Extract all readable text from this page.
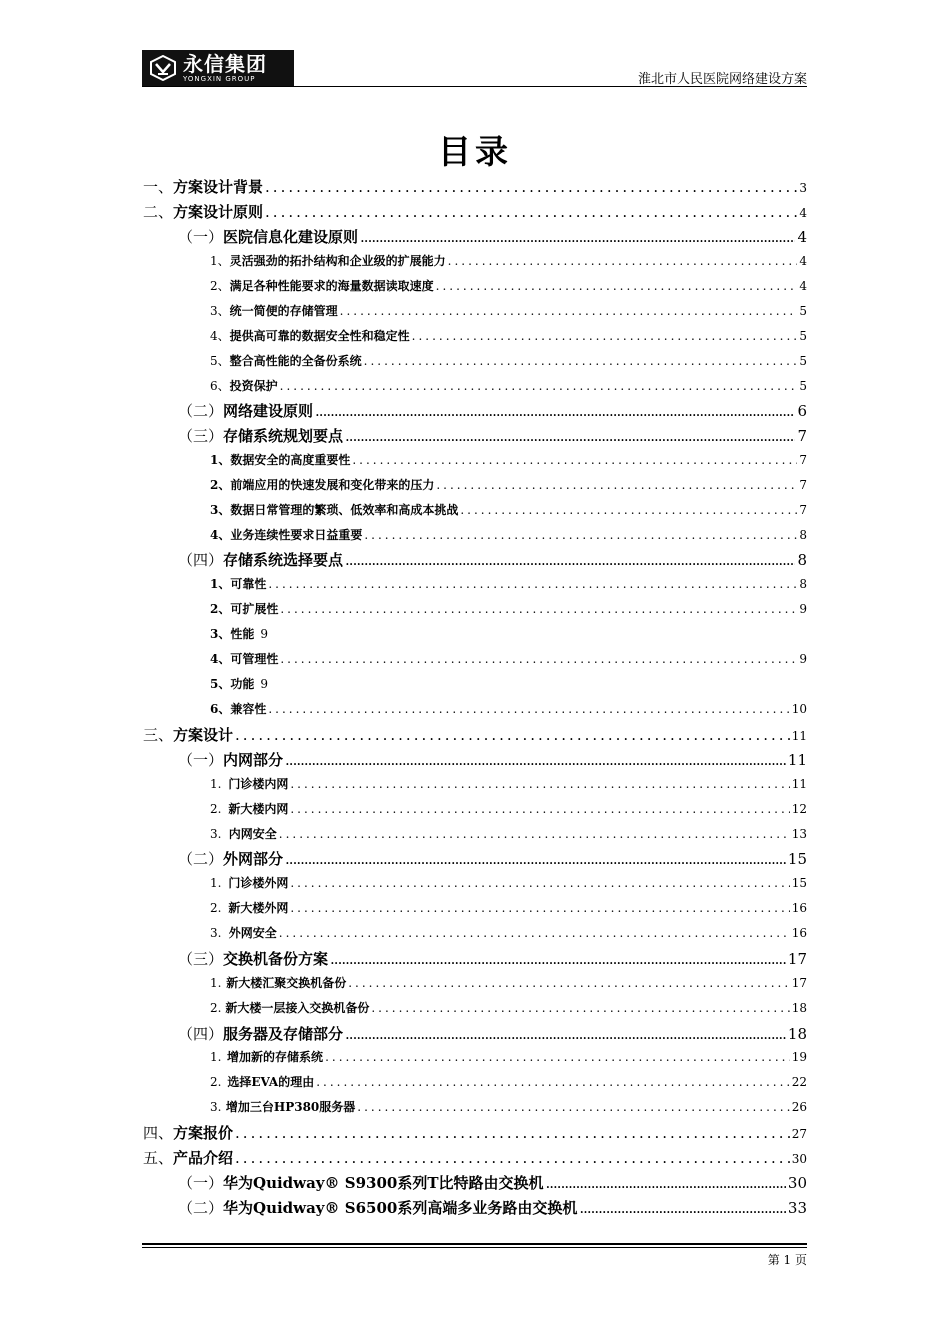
永信集团
YONGXIN GROUP	淮北市人民医院网络建设方案
目录
一、 方案设计背景 .....	3
二、 方案设计原则 .....	4
（一） 医院信息化建设原则 .....	4
1、 灵活强劲的拓扑结构和企业级的扩展能力 .....	4
2、 满足各种性能要求的海量数据读取速度 .....	4
3、 统一简便的存储管理 .....	5
4、 提供高可靠的数据安全性和稳定性 .....	5
5、 整合高性能的全备份系统 .....	5
6、 投资保护 .....	5
（二） 网络建设原则 .....	6
（三） 存储系统规划要点 .....	7
1、数据安全的高度重要性 .....	7
2、前端应用的快速发展和变化带来的压力 .....	7
3、数据日常管理的繁琐、低效率和高成本挑战 .....	7
4、业务连续性要求日益重要 .....	8
（四） 存储系统选择要点 .....	8
1、可靠性 .....	8
2、可扩展性 .....	9
3、性能 9
4、可管理性 .....	9
5、功能 9
6、兼容性 .....	10
三、 方案设计 .....	11
（一） 内网部分 .....	11
1. 门诊楼内网 .....	11
2. 新大楼内网 .....	12
3. 内网安全 .....	13
（二） 外网部分 .....	15
1. 门诊楼外网 .....	15
2. 新大楼外网 .....	16
3. 外网安全 .....	16
（三） 交换机备份方案 .....	17
1. 新大楼汇聚交换机备份 .....	17
2. 新大楼一层接入交换机备份 .....	18
（四） 服务器及存储部分 .....	18
1. 增加新的存储系统 .....	19
2. 选择EVA的理由 .....	22
3. 增加三台HP380服务器 .....	26
四、 方案报价 .....	27
五、 产品介绍 .....	30
（一） 华为Quidway® S9300系列T比特路由交换机 .....	30
（二） 华为Quidway® S6500系列高端多业务路由交换机 .....	33
第 1 页
